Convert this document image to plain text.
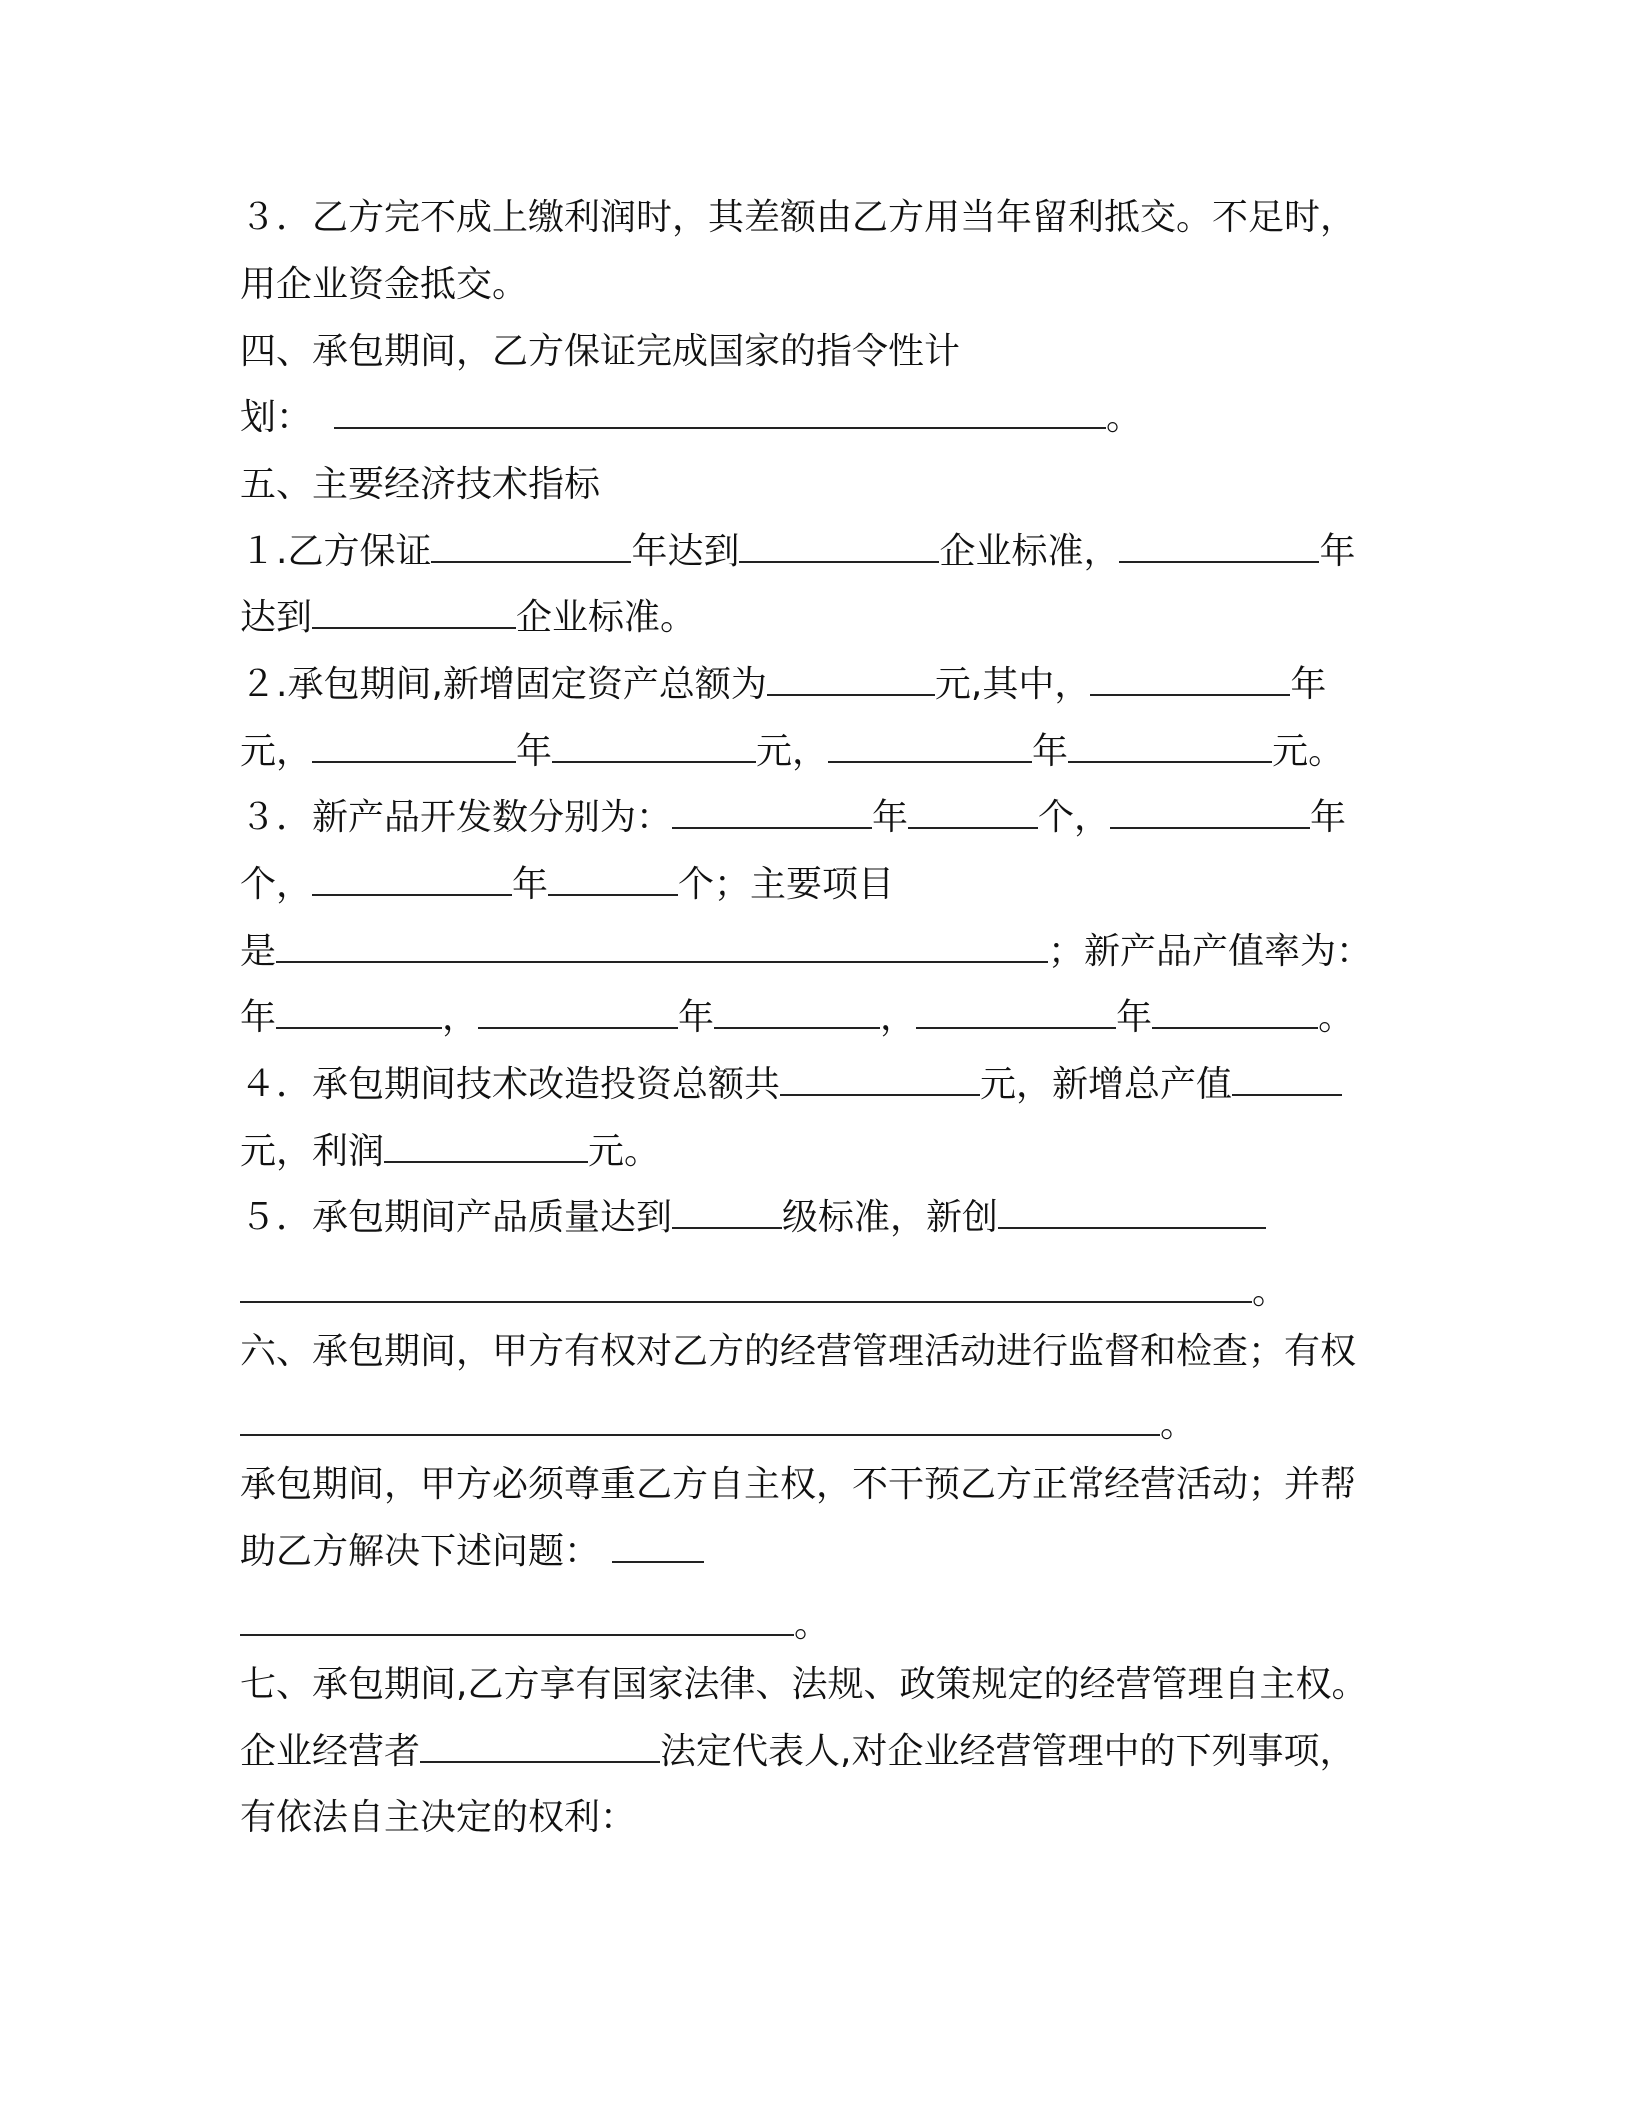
３．乙方完不成上缴利润时，其差额由乙方用当年留利抵交。不足时，
用企业资金抵交。
四、承包期间，乙方保证完成国家的指令性计
划：	。
五、主要经济技术指标
１.乙方保证	年达到	企业标准，	年
达到	企业标准。
２.承包期间,新增固定资产总额为	元,其中，	年
元，	年	元，	年	元。
３．新产品开发数分别为：	年	个，	年
个，	年	个；主要项目
是	；新产品产值率为：
年	，	年	，	年	。
４．承包期间技术改造投资总额共	元，新增总产值
元，利润	元。
５．承包期间产品质量达到	级标准，新创
。
六、承包期间，甲方有权对乙方的经营管理活动进行监督和检查；有权
。
承包期间，甲方必须尊重乙方自主权，不干预乙方正常经营活动；并帮
助乙方解决下述问题：
。
七、承包期间,乙方享有国家法律、法规、政策规定的经营管理自主权。
企业经营者	法定代表人,对企业经营管理中的下列事项，
有依法自主决定的权利：
